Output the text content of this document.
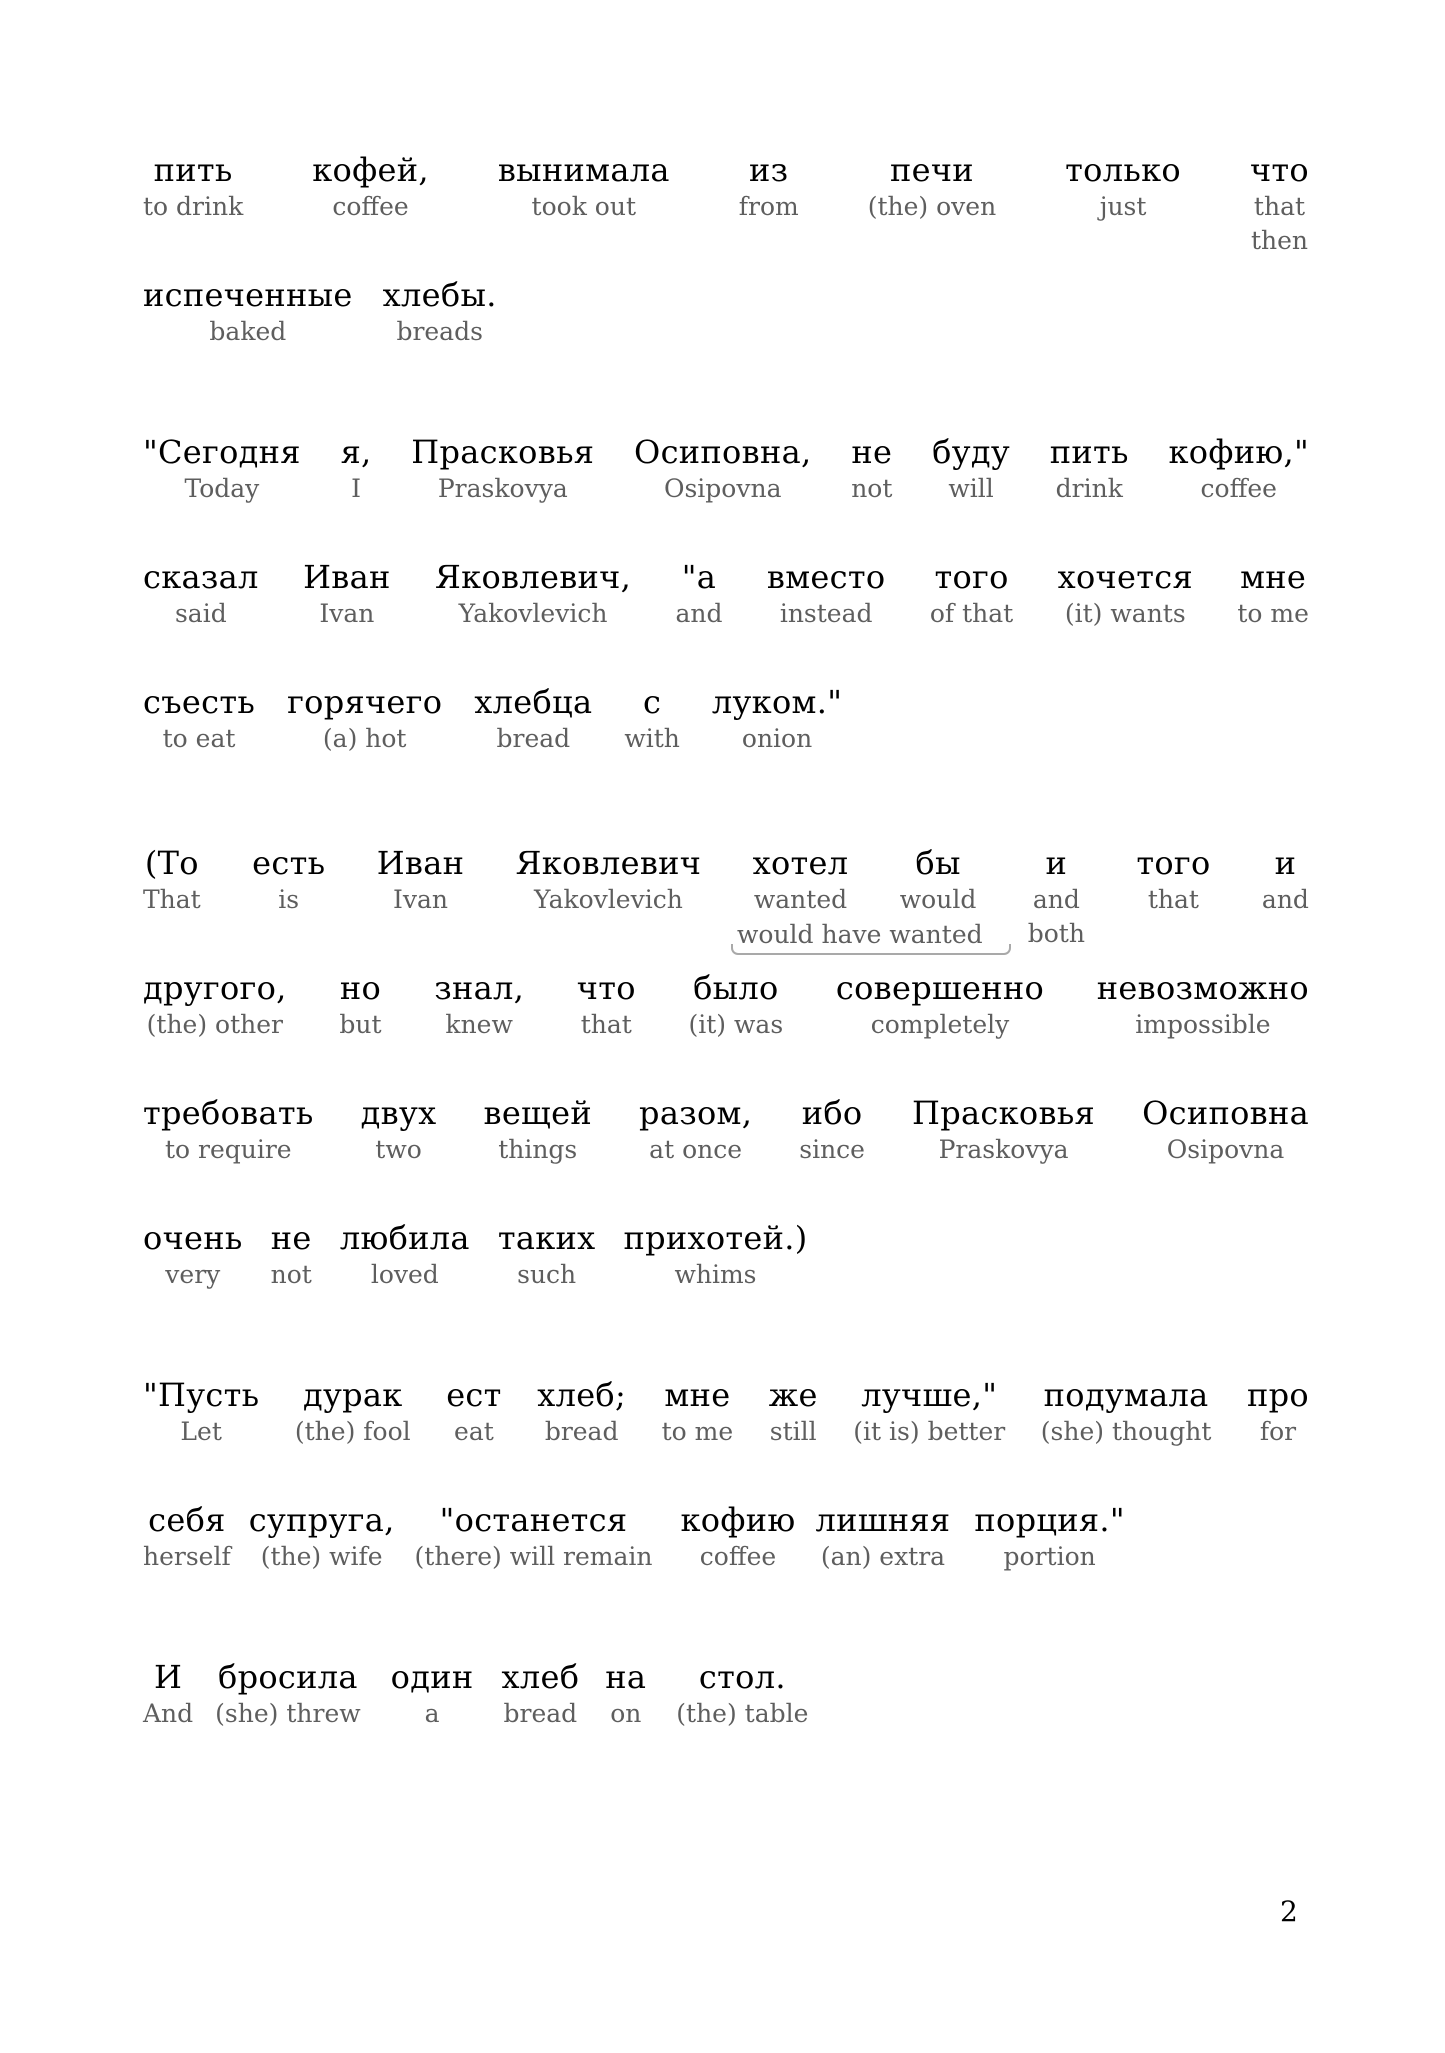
пить
to drink
кофей,
coffee
вынимала
took out
из
from
печи
(the) oven
только
just
что
that
then
испеченные
baked
хлебы.
breads
"Сегодня
Today
я,
I
Прасковья
Praskovya
Осиповна,
Osipovna
не
not
буду
will
пить
drink
кофию,"
coffee
сказал
said
Иван
Ivan
Яковлевич,
Yakovlevich
"а
and
вместо
instead
того
of that
хочется
(it) wants
мне
to me
съесть
to eat
горячего
(a) hot
хлебца
bread
с
with
луком."
onion
(То
That
есть
is
Иван
Ivan
Яковлевич
Yakovlevich
хотел
wanted
бы
would
и
and
both
того
that
и
and
would have wanted
другого,
(the) other
но
but
знал,
knew
что
that
было
(it) was
совершенно
completely
невозможно
impossible
требовать
to require
двух
two
вещей
things
разом,
at once
ибо
since
Прасковья
Praskovya
Осиповна
Osipovna
очень
very
не
not
любила
loved
таких
such
прихотей.)
whims
"Пусть
Let
дурак
(the) fool
ест
eat
хлеб;
bread
мне
to me
же
still
лучше,"
(it is) better
подумала
(she) thought
про
for
себя
herself
супруга,
(the) wife
"останется
(there) will remain
кофию
coffee
лишняя
(an) extra
порция."
portion
И
And
бросила
(she) threw
один
a
хлеб
bread
на
on
стол.
(the) table
2
